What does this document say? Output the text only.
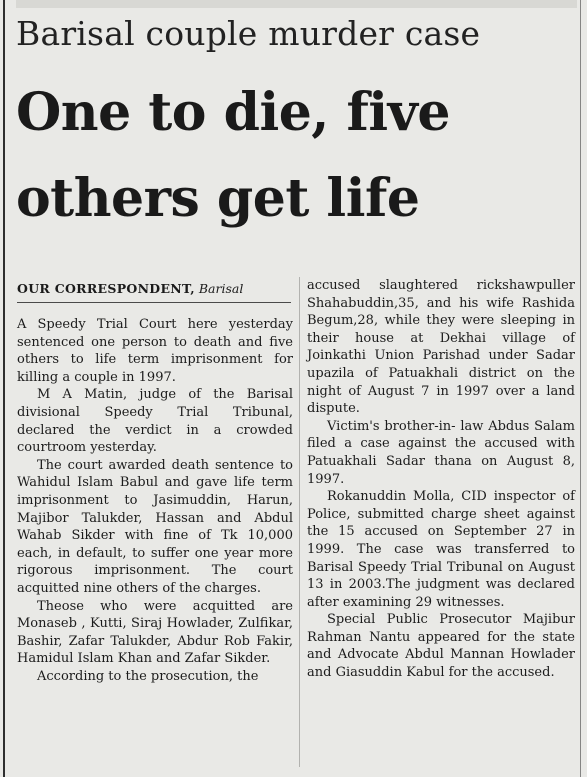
Barisal couple murder case
One to die, five
others get life
OUR CORRESPONDENT, Barisal

A Speedy Trial Court here yesterday sentenced one person to death and five others to life term imprisonment for killing a couple in 1997.

M A Matin, judge of the Barisal divisional Speedy Trial Tribunal, declared the verdict in a crowded courtroom yesterday.

The court awarded death sentence to Wahidul Islam Babul and gave life term imprisonment to Jasimuddin, Harun, Majibor Talukder, Hassan and Abdul Wahab Sikder with fine of Tk 10,000 each, in default, to suffer one year more rigorous imprisonment. The court acquitted nine others of the charges.

Theose who were acquitted are Monaseb , Kutti, Siraj Howlader, Zulfikar, Bashir, Zafar Talukder, Abdur Rob Fakir, Hamidul Islam Khan and Zafar Sikder.

According to the prosecution, the

accused slaughtered rickshawpuller Shahabuddin,35, and his wife Rashida Begum,28, while they were sleeping in their house at Dekhai village of Joinkathi Union Parishad under Sadar upazila of Patuakhali district on the night of August 7 in 1997 over a land dispute.

Victim's brother-in- law Abdus Salam filed a case against the accused with Patuakhali Sadar thana on August 8, 1997.

Rokanuddin Molla, CID inspector of Police, submitted charge sheet against the 15 accused on September 27 in 1999. The case was transferred to Barisal Speedy Trial Tribunal on August 13 in 2003.The judgment was declared after examining 29 witnesses.

Special Public Prosecutor Majibur Rahman Nantu appeared for the state and Advocate Abdul Mannan Howlader and Giasuddin Kabul for the accused.
